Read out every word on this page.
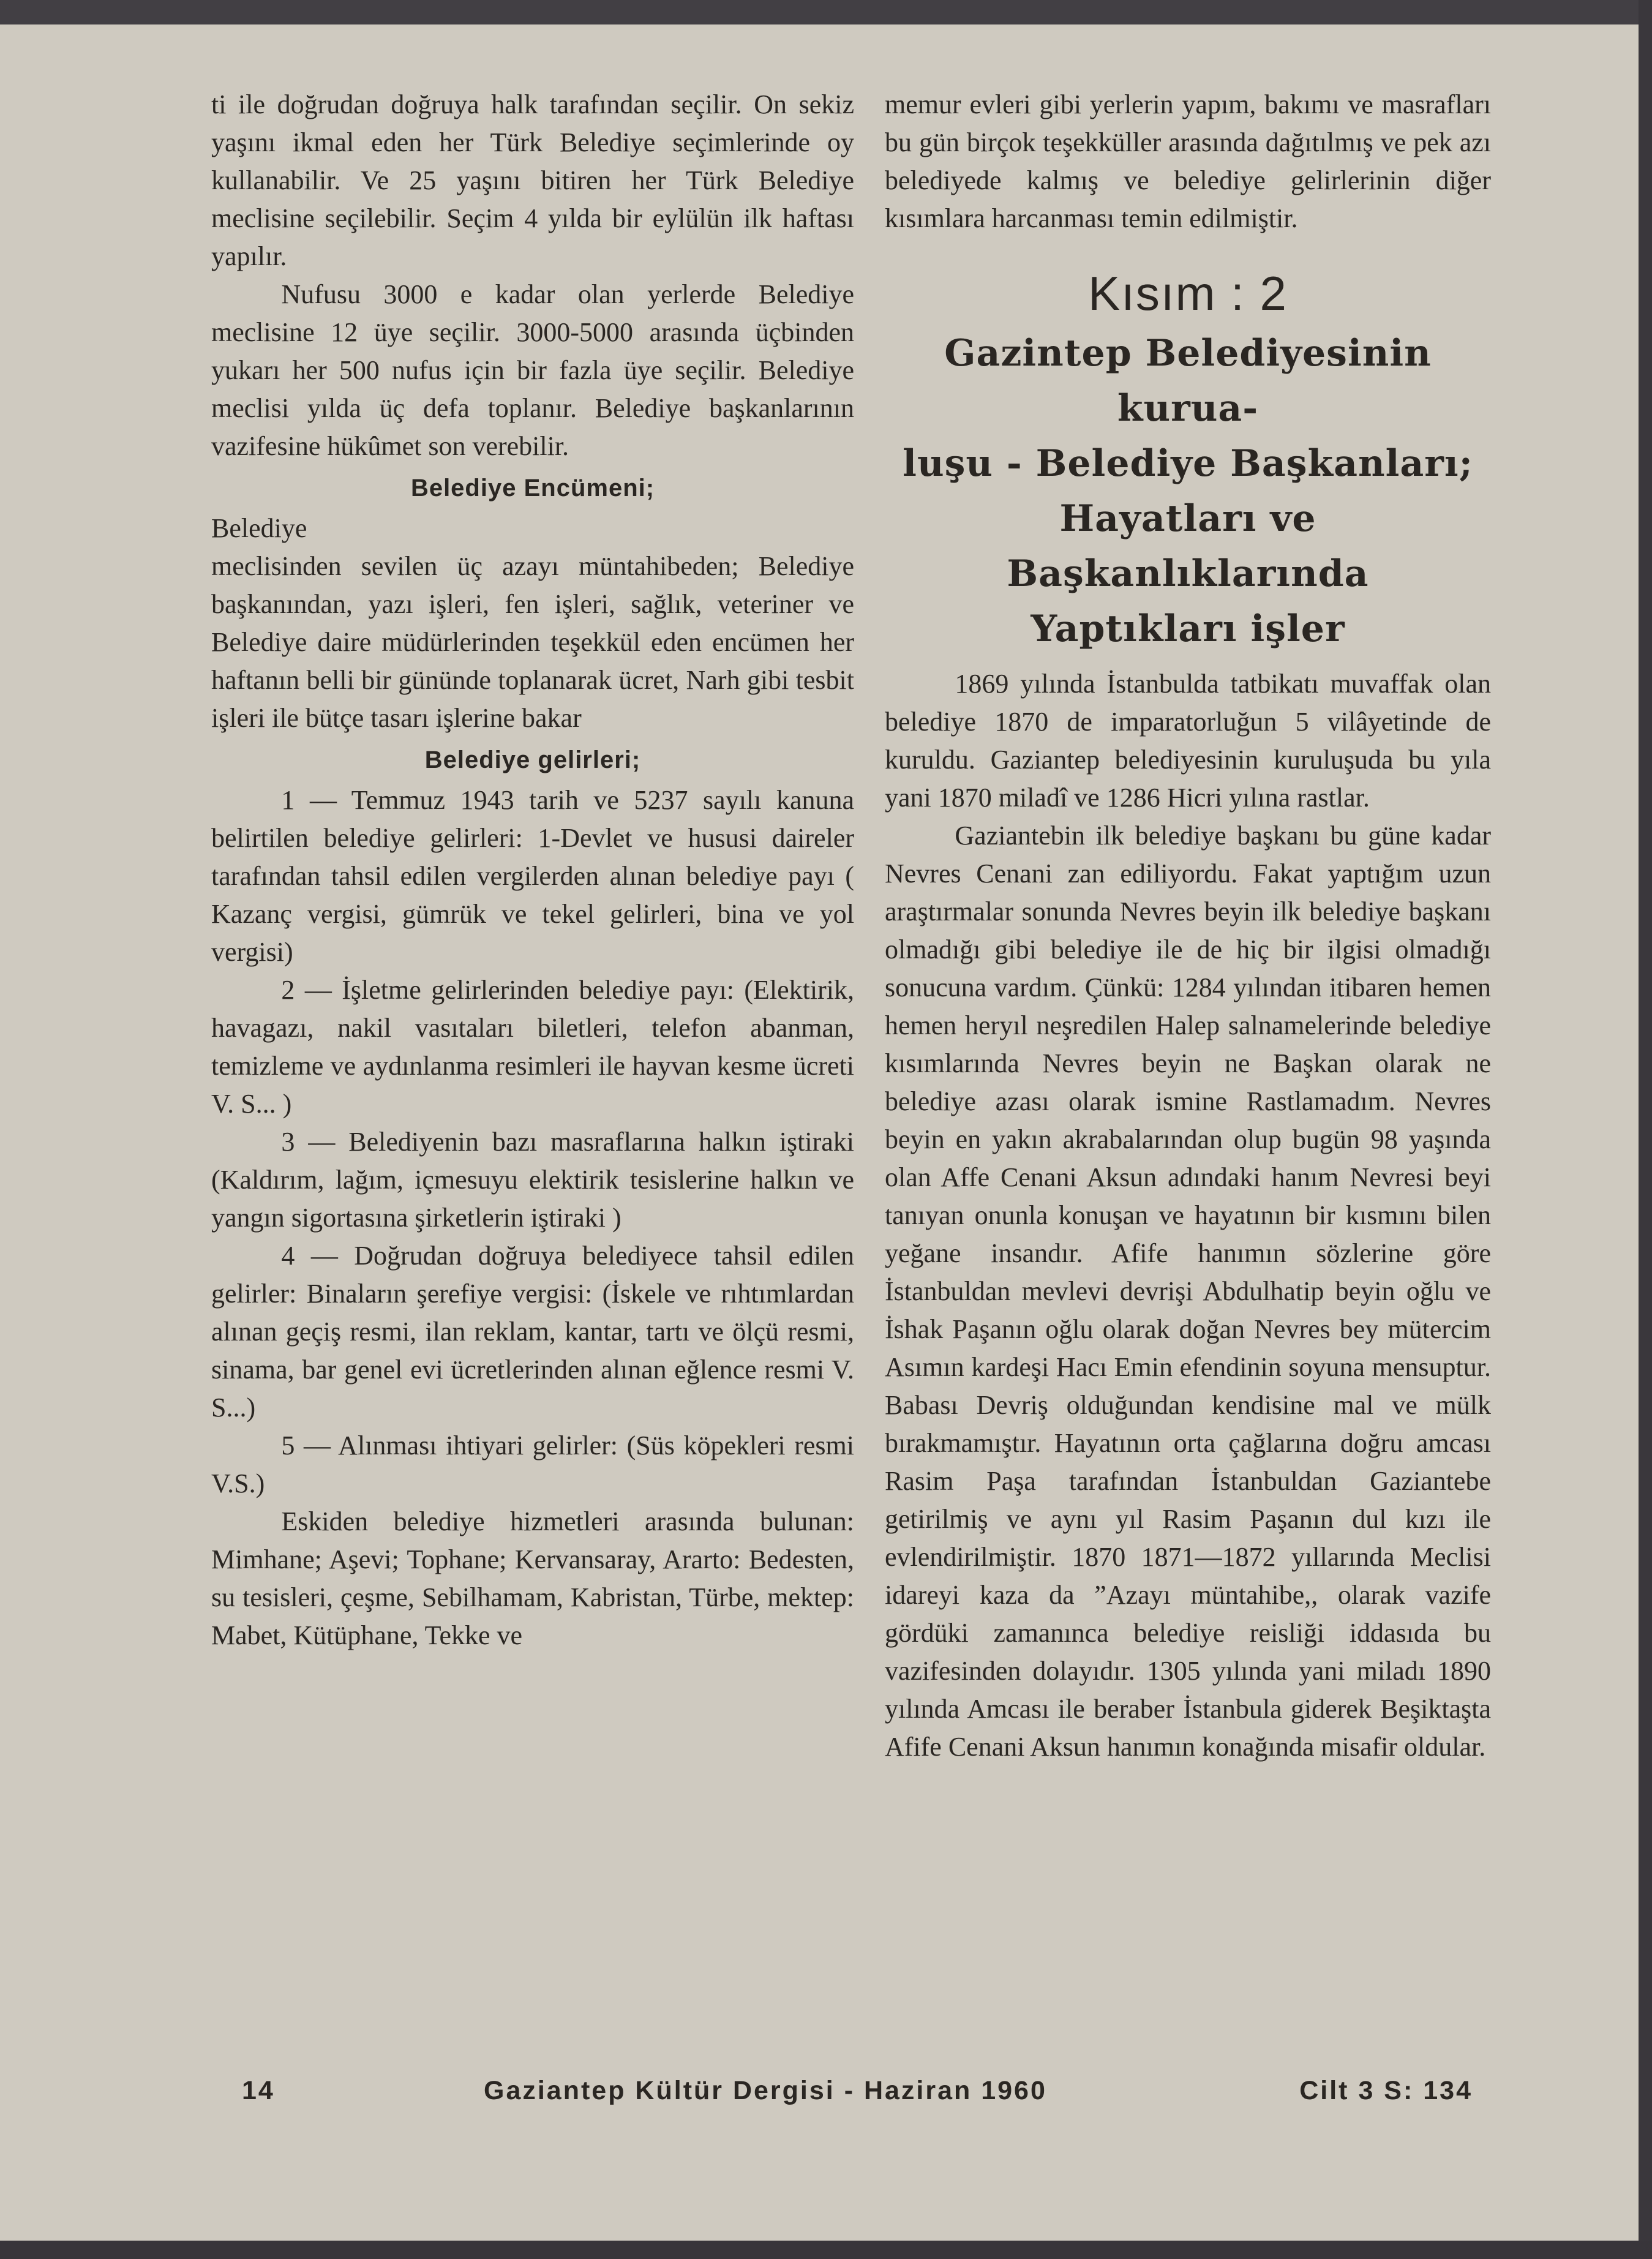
ti ile doğrudan doğruya halk tarafından seçilir. On sekiz yaşını ikmal eden her Türk Belediye seçimlerinde oy kullanabilir. Ve 25 yaşını bitiren her Türk Belediye meclisine seçilebilir. Seçim 4 yılda bir eylülün ilk haftası yapılır.

Nufusu 3000 e kadar olan yerlerde Belediye meclisine 12 üye seçilir. 3000-5000 arasında üçbinden yukarı her 500 nufus için bir fazla üye seçilir. Belediye meclisi yılda üç defa toplanır. Belediye başkanlarının vazifesine hükûmet son verebilir.

Belediye Encümeni;

Belediye

meclisinden sevilen üç azayı müntahibeden; Belediye başkanından, yazı işleri, fen işleri, sağlık, veteriner ve Belediye daire müdürlerinden teşekkül eden encümen her haftanın belli bir gününde toplanarak ücret, Narh gibi tesbit işleri ile bütçe tasarı işlerine bakar

Belediye gelirleri;

1 — Temmuz 1943 tarih ve 5237 sayılı kanuna belirtilen belediye gelirleri: 1-Devlet ve hususi daireler tarafından tahsil edilen vergilerden alınan belediye payı ( Kazanç vergisi, gümrük ve tekel gelirleri, bina ve yol vergisi)

2 — İşletme gelirlerinden belediye payı: (Elektirik, havagazı, nakil vasıtaları biletleri, telefon abanman, temizleme ve aydınlanma resimleri ile hayvan kesme ücreti V. S... )

3 — Belediyenin bazı masraflarına halkın iştiraki (Kaldırım, lağım, içmesuyu elektirik tesislerine halkın ve yangın sigortasına şirketlerin iştiraki )

4 — Doğrudan doğruya belediyece tahsil edilen gelirler: Binaların şerefiye vergisi: (İskele ve rıhtımlardan alınan geçiş resmi, ilan reklam, kantar, tartı ve ölçü resmi, sinama, bar genel evi ücretlerinden alınan eğlence resmi V. S...)

5 — Alınması ihtiyari gelirler: (Süs köpekleri resmi V.S.)

Eskiden belediye hizmetleri arasında bulunan: Mimhane; Aşevi; Tophane; Kervansaray, Ararto: Bedesten, su tesisleri, çeşme, Sebilhamam, Kabristan, Türbe, mektep: Mabet, Kütüphane, Tekke ve

memur evleri gibi yerlerin yapım, bakımı ve masrafları bu gün birçok teşekküller arasında dağıtılmış ve pek azı belediyede kalmış ve belediye gelirlerinin diğer kısımlara harcanması temin edilmiştir.

Kısım : 2
Gazintep Belediyesinin kurua-
luşu - Belediye Başkanları;
Hayatları ve Başkanlıklarında
Yaptıkları işler

1869 yılında İstanbulda tatbikatı muvaffak olan belediye 1870 de imparatorluğun 5 vilâyetinde de kuruldu. Gaziantep belediyesinin kuruluşuda bu yıla yani 1870 miladî ve 1286 Hicri yılına rastlar.

Gaziantebin ilk belediye başkanı bu güne kadar Nevres Cenani zan ediliyordu. Fakat yaptığım uzun araştırmalar sonunda Nevres beyin ilk belediye başkanı olmadığı gibi belediye ile de hiç bir ilgisi olmadığı sonucuna vardım. Çünkü: 1284 yılından itibaren hemen hemen heryıl neşredilen Halep salnamelerinde belediye kısımlarında Nevres beyin ne Başkan olarak ne belediye azası olarak ismine Rastlamadım. Nevres beyin en yakın akrabalarından olup bugün 98 yaşında olan Affe Cenani Aksun adındaki hanım Nevresi beyi tanıyan onunla konuşan ve hayatının bir kısmını bilen yeğane insandır. Afife hanımın sözlerine göre İstanbuldan mevlevi devrişi Abdulhatip beyin oğlu ve İshak Paşanın oğlu olarak doğan Nevres bey mütercim Asımın kardeşi Hacı Emin efendinin soyuna mensuptur. Babası Devriş olduğundan kendisine mal ve mülk bırakmamıştır. Hayatının orta çağlarına doğru amcası Rasim Paşa tarafından İstanbuldan Gaziantebe getirilmiş ve aynı yıl Rasim Paşanın dul kızı ile evlendirilmiştir. 1870 1871—1872 yıllarında Meclisi idareyi kaza da ”Azayı müntahibe,, olarak vazife gördüki zamanınca belediye reisliği iddasıda bu vazifesinden dolayıdır. 1305 yılında yani miladı 1890 yılında Amcası ile beraber İstanbula giderek Beşiktaşta Afife Cenani Aksun hanımın konağında misafir oldular.

14	Gaziantep Kültür Dergisi - Haziran 1960	Cilt 3 S: 134
